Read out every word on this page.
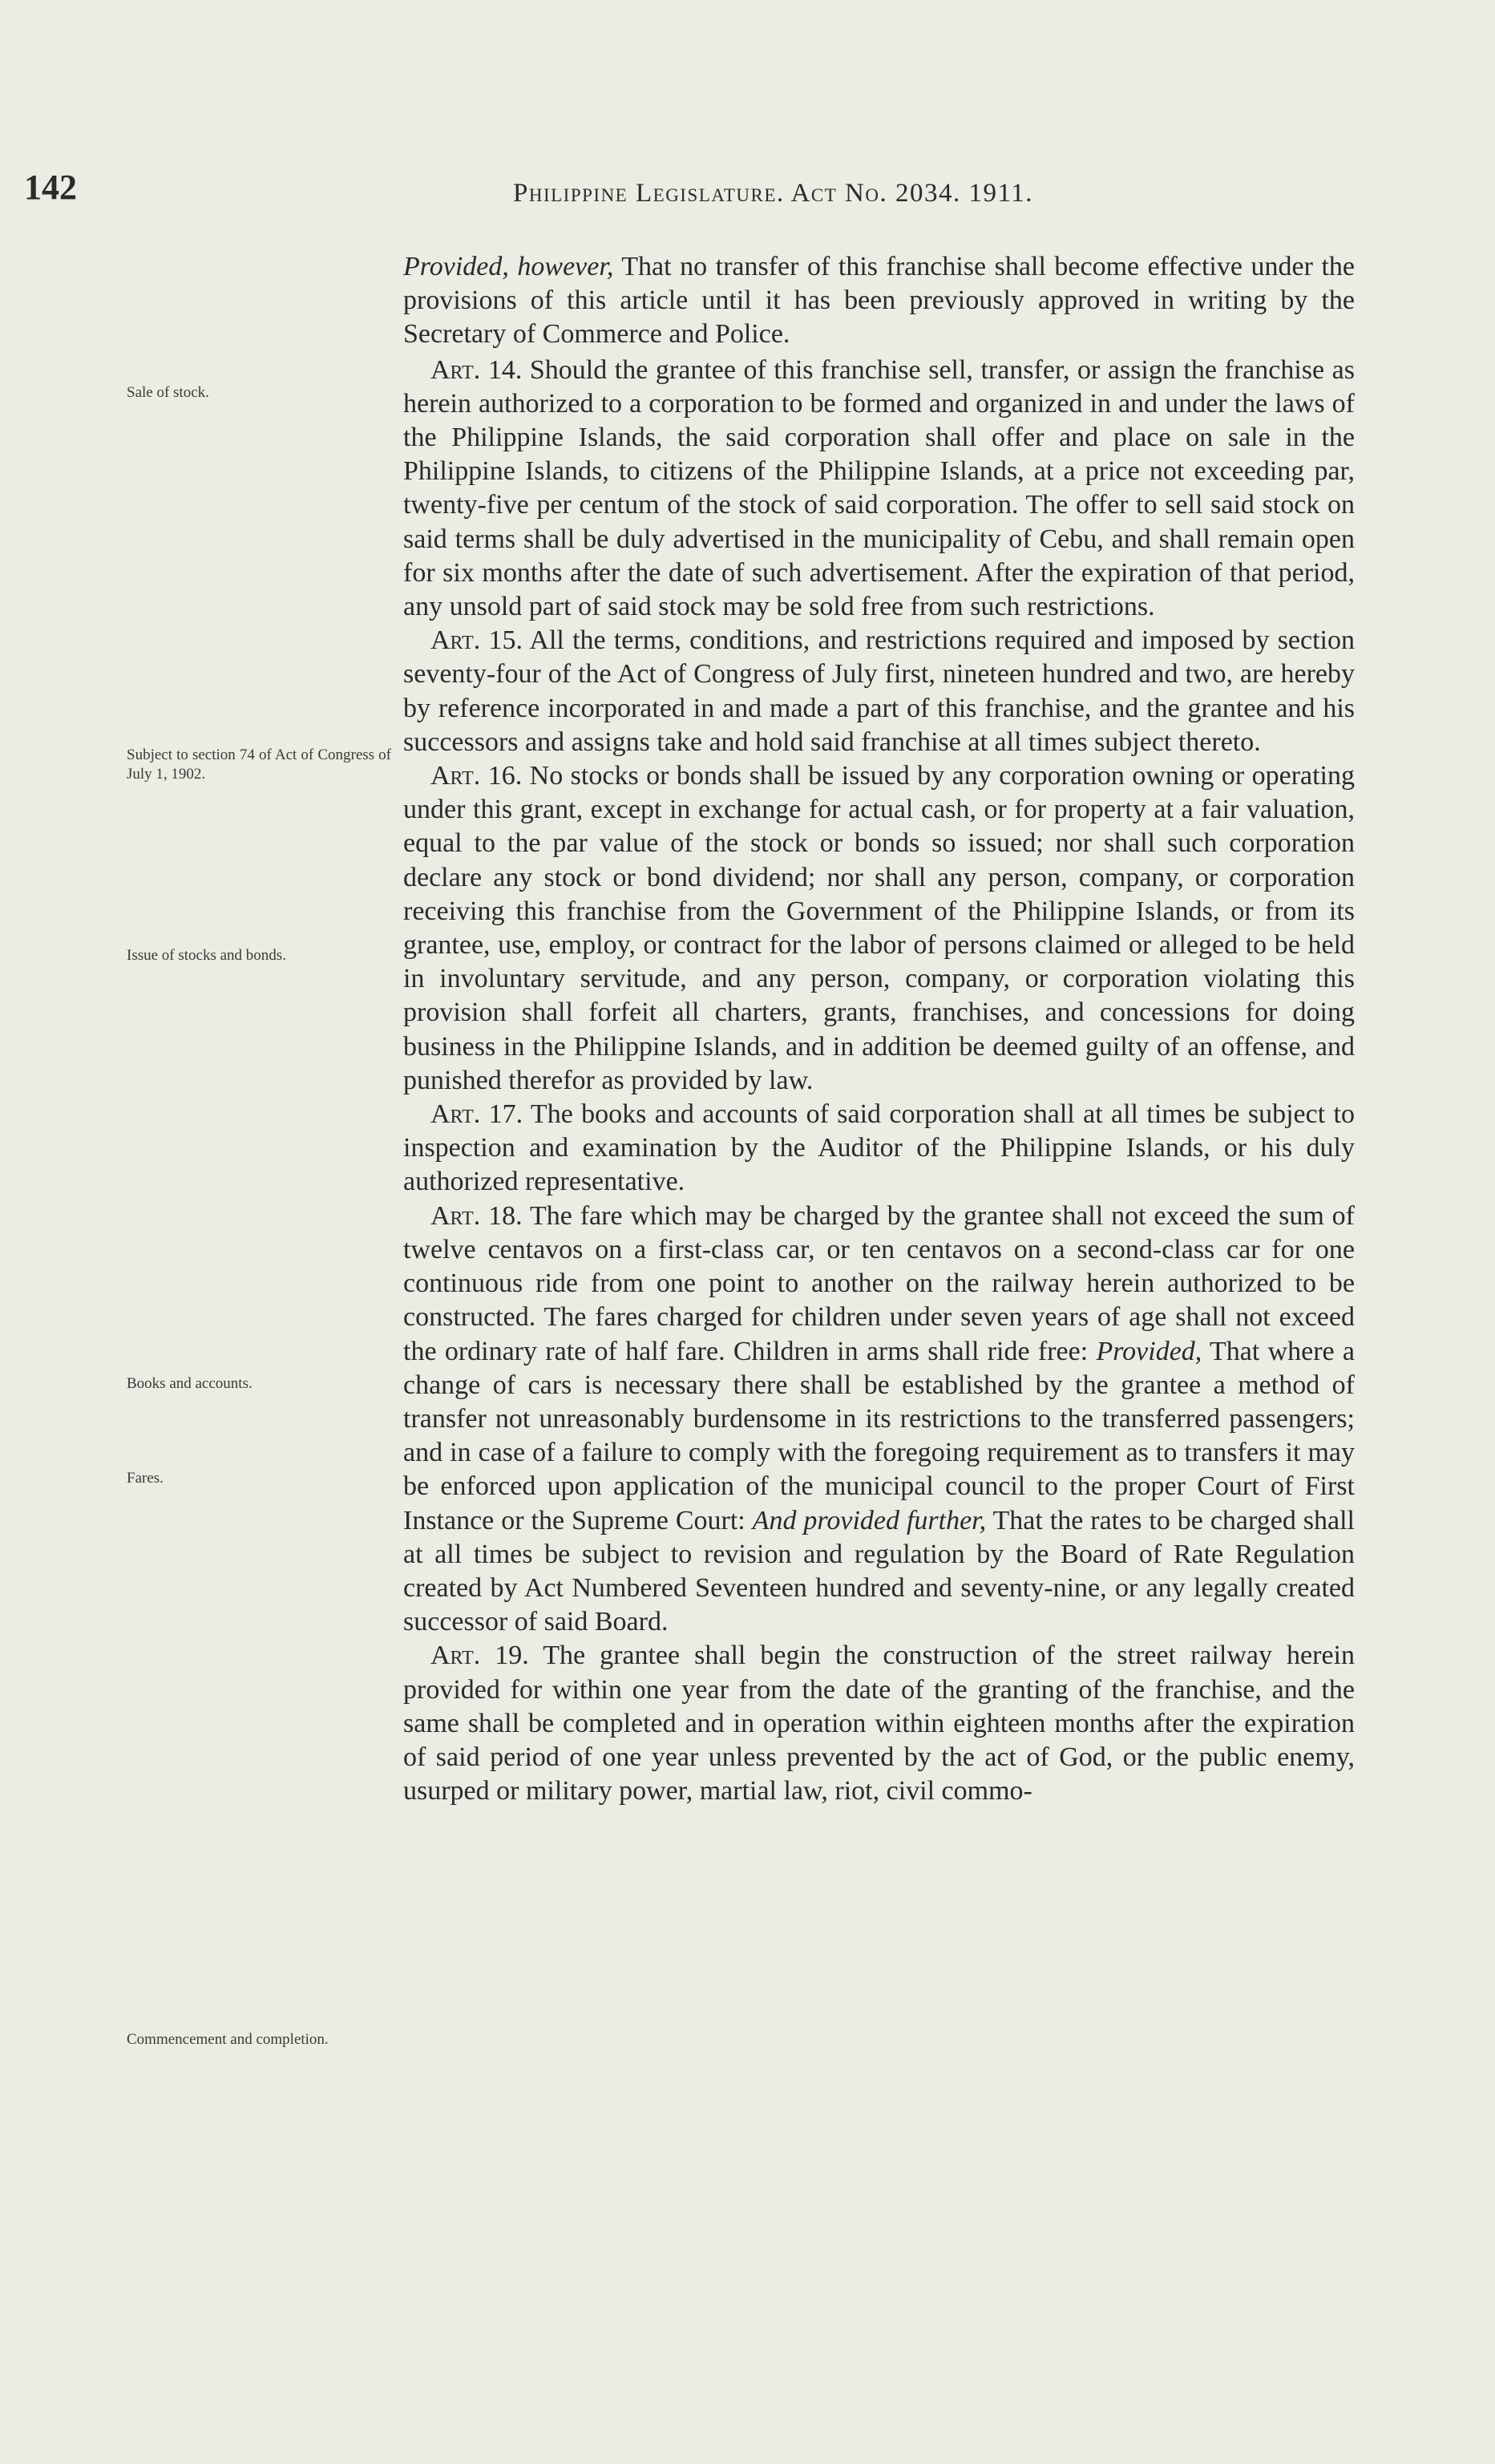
142	Philippine Legislature. Act No. 2034. 1911.
Sale of stock.
Subject to section 74 of Act of Congress of July 1, 1902.
Issue of stocks and bonds.
Books and accounts.
Fares.
Commencement and completion.

Provided, however, That no transfer of this franchise shall become effective under the provisions of this article until it has been previously approved in writing by the Secretary of Commerce and Police.

Art. 14. Should the grantee of this franchise sell, transfer, or assign the franchise as herein authorized to a corporation to be formed and organized in and under the laws of the Philippine Islands, the said corporation shall offer and place on sale in the Philippine Islands, to citizens of the Philippine Islands, at a price not exceeding par, twenty-five per centum of the stock of said corporation. The offer to sell said stock on said terms shall be duly advertised in the municipality of Cebu, and shall remain open for six months after the date of such advertisement. After the expiration of that period, any unsold part of said stock may be sold free from such restrictions.

Art. 15. All the terms, conditions, and restrictions required and imposed by section seventy-four of the Act of Congress of July first, nineteen hundred and two, are hereby by reference incorporated in and made a part of this franchise, and the grantee and his successors and assigns take and hold said franchise at all times subject thereto.

Art. 16. No stocks or bonds shall be issued by any corporation owning or operating under this grant, except in exchange for actual cash, or for property at a fair valuation, equal to the par value of the stock or bonds so issued; nor shall such corporation declare any stock or bond dividend; nor shall any person, company, or corporation receiving this franchise from the Government of the Philippine Islands, or from its grantee, use, employ, or contract for the labor of persons claimed or alleged to be held in involuntary servitude, and any person, company, or corporation violating this provision shall forfeit all charters, grants, franchises, and concessions for doing business in the Philippine Islands, and in addition be deemed guilty of an offense, and punished therefor as provided by law.

Art. 17. The books and accounts of said corporation shall at all times be subject to inspection and examination by the Auditor of the Philippine Islands, or his duly authorized representative.

Art. 18. The fare which may be charged by the grantee shall not exceed the sum of twelve centavos on a first-class car, or ten centavos on a second-class car for one continuous ride from one point to another on the railway herein authorized to be constructed. The fares charged for children under seven years of age shall not exceed the ordinary rate of half fare. Children in arms shall ride free: Provided, That where a change of cars is necessary there shall be established by the grantee a method of transfer not unreasonably burdensome in its restrictions to the transferred passengers; and in case of a failure to comply with the foregoing requirement as to transfers it may be enforced upon application of the municipal council to the proper Court of First Instance or the Supreme Court: And provided further, That the rates to be charged shall at all times be subject to revision and regulation by the Board of Rate Regulation created by Act Numbered Seventeen hundred and seventy-nine, or any legally created successor of said Board.

Art. 19. The grantee shall begin the construction of the street railway herein provided for within one year from the date of the granting of the franchise, and the same shall be completed and in operation within eighteen months after the expiration of said period of one year unless prevented by the act of God, or the public enemy, usurped or military power, martial law, riot, civil commo-
